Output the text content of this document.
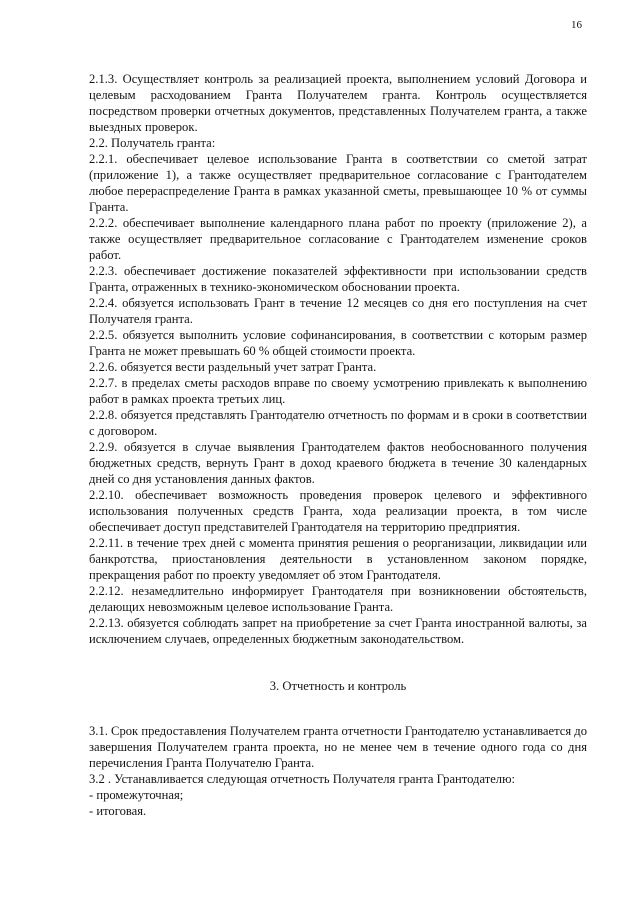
16

2.1.3. Осуществляет контроль за реализацией проекта, выполнением условий Договора и целевым расходованием Гранта Получателем гранта. Контроль осуществляется посредством проверки отчетных документов, представленных Получателем гранта, а также выездных проверок.

2.2. Получатель гранта:

2.2.1. обеспечивает целевое использование Гранта в соответствии со сметой затрат (приложение 1), а также осуществляет предварительное согласование с Грантодателем любое перераспределение Гранта в рамках указанной сметы, превышающее 10 % от суммы Гранта.

2.2.2. обеспечивает выполнение календарного плана работ по проекту (приложение 2), а также осуществляет предварительное согласование с Грантодателем изменение сроков работ.

2.2.3. обеспечивает достижение показателей эффективности при использовании средств Гранта, отраженных в технико-экономическом обосновании проекта.

2.2.4. обязуется использовать Грант в течение 12 месяцев со дня его поступления на счет Получателя гранта.

2.2.5. обязуется выполнить условие софинансирования, в соответствии с которым размер Гранта не может превышать 60 % общей стоимости проекта.

2.2.6. обязуется вести раздельный учет затрат Гранта.

2.2.7. в пределах сметы расходов вправе по своему усмотрению привлекать к выполнению работ в рамках проекта третьих лиц.

2.2.8. обязуется представлять Грантодателю отчетность по формам и в сроки в соответствии с договором.

2.2.9. обязуется в случае выявления Грантодателем фактов необоснованного получения бюджетных средств, вернуть Грант в доход краевого бюджета в течение 30 календарных дней со дня установления данных фактов.

2.2.10. обеспечивает возможность проведения проверок целевого и эффективного использования полученных средств Гранта, хода реализации проекта, в том числе обеспечивает доступ представителей Грантодателя на территорию предприятия.

2.2.11. в течение трех дней с момента принятия решения о реорганизации, ликвидации или банкротства, приостановления деятельности в установленном законом порядке, прекращения работ по проекту уведомляет об этом Грантодателя.

2.2.12. незамедлительно информирует Грантодателя при возникновении обстоятельств, делающих невозможным целевое использование Гранта.

2.2.13. обязуется соблюдать запрет на приобретение за счет Гранта иностранной валюты, за исключением случаев, определенных бюджетным законодательством.

3. Отчетность и контроль

3.1. Срок предоставления Получателем гранта отчетности Грантодателю устанавливается до завершения Получателем гранта проекта, но не менее чем в течение одного года со дня перечисления Гранта Получателю Гранта.

3.2 . Устанавливается следующая отчетность Получателя гранта Грантодателю:

- промежуточная;

- итоговая.
